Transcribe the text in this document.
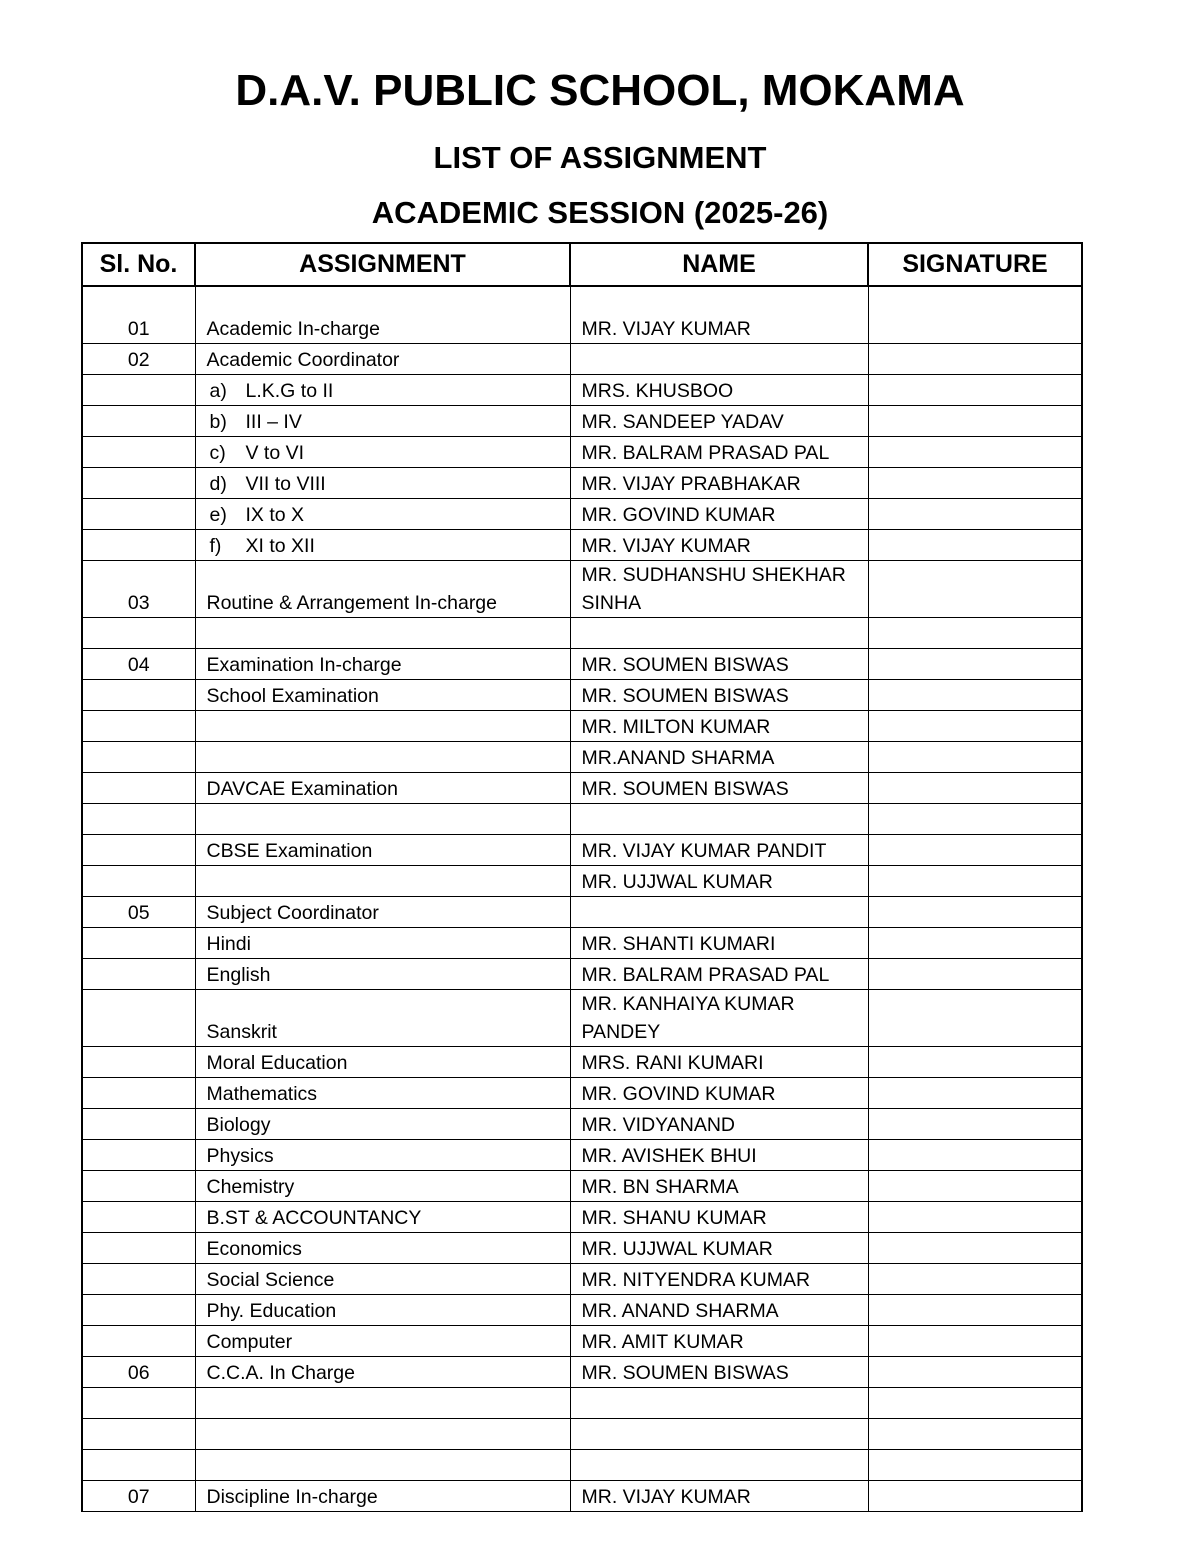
D.A.V. PUBLIC SCHOOL, MOKAMA
LIST OF ASSIGNMENT
ACADEMIC SESSION (2025-26)
Sl. No.	ASSIGNMENT	NAME	SIGNATURE
01	Academic In-charge	MR. VIJAY KUMAR	
02	Academic Coordinator		
	a) L.K.G to II	MRS. KHUSBOO	
	b) III – IV	MR. SANDEEP YADAV	
	c) V to VI	MR. BALRAM PRASAD PAL	
	d) VII to VIII	MR. VIJAY PRABHAKAR	
	e) IX to X	MR. GOVIND KUMAR	
	f) XI to XII	MR. VIJAY KUMAR	
03	Routine & Arrangement In-charge	MR. SUDHANSHU SHEKHAR SINHA	

04	Examination In-charge	MR. SOUMEN BISWAS	
	School Examination	MR. SOUMEN BISWAS	
		MR. MILTON KUMAR	
		MR.ANAND SHARMA	
	DAVCAE Examination	MR. SOUMEN BISWAS	

	CBSE Examination	MR. VIJAY KUMAR PANDIT	
		MR. UJJWAL KUMAR	
05	Subject Coordinator		
	Hindi	MR. SHANTI KUMARI	
	English	MR. BALRAM PRASAD PAL	
	Sanskrit	MR. KANHAIYA KUMAR PANDEY	
	Moral Education	MRS. RANI KUMARI	
	Mathematics	MR. GOVIND KUMAR	
	Biology	MR. VIDYANAND	
	Physics	MR. AVISHEK BHUI	
	Chemistry	MR. BN SHARMA	
	B.ST & ACCOUNTANCY	MR. SHANU KUMAR	
	Economics	MR. UJJWAL KUMAR	
	Social Science	MR. NITYENDRA KUMAR	
	Phy. Education	MR. ANAND SHARMA	
	Computer	MR. AMIT KUMAR	
06	C.C.A. In Charge	MR. SOUMEN BISWAS	

07	Discipline In-charge	MR. VIJAY KUMAR	
